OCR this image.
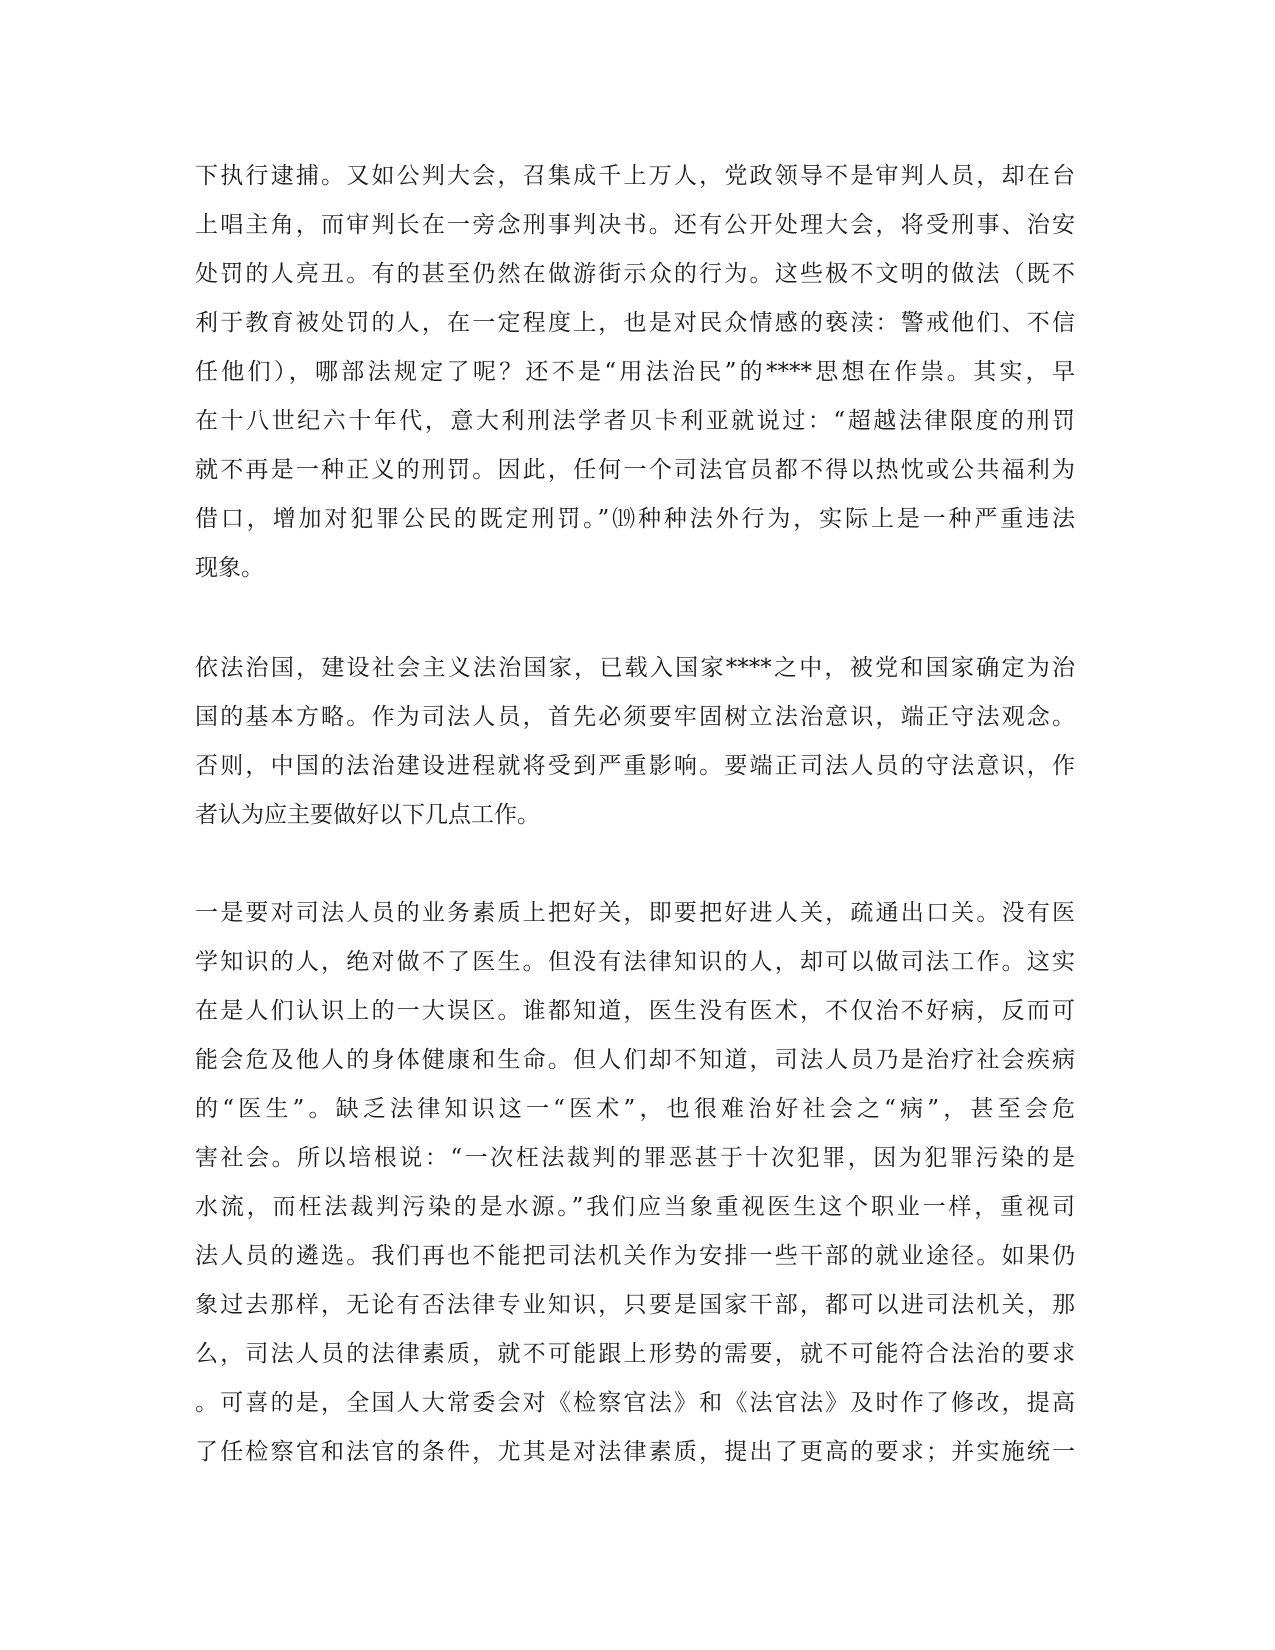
下执行逮捕。又如公判大会，召集成千上万人，党政领导不是审判人员，却在台
上唱主角，而审判长在一旁念刑事判决书。还有公开处理大会，将受刑事、治安
处罚的人亮丑。有的甚至仍然在做游街示众的行为。这些极不文明的做法（既不
利于教育被处罚的人，在一定程度上，也是对民众情感的亵渎：警戒他们、不信
任他们），哪部法规定了呢？还不是“用法治民”的****思想在作祟。其实，早
在十八世纪六十年代，意大利刑法学者贝卡利亚就说过：“超越法律限度的刑罚
就不再是一种正义的刑罚。因此，任何一个司法官员都不得以热忱或公共福利为
借口，增加对犯罪公民的既定刑罚。”⒆种种法外行为，实际上是一种严重违法
现象。
依法治国，建设社会主义法治国家，已载入国家****之中，被党和国家确定为治
国的基本方略。作为司法人员，首先必须要牢固树立法治意识，端正守法观念。
否则，中国的法治建设进程就将受到严重影响。要端正司法人员的守法意识，作
者认为应主要做好以下几点工作。
一是要对司法人员的业务素质上把好关，即要把好进人关，疏通出口关。没有医
学知识的人，绝对做不了医生。但没有法律知识的人，却可以做司法工作。这实
在是人们认识上的一大误区。谁都知道，医生没有医术，不仅治不好病，反而可
能会危及他人的身体健康和生命。但人们却不知道，司法人员乃是治疗社会疾病
的“医生”。缺乏法律知识这一“医术”，也很难治好社会之“病”，甚至会危
害社会。所以培根说：“一次枉法裁判的罪恶甚于十次犯罪，因为犯罪污染的是
水流，而枉法裁判污染的是水源。”我们应当象重视医生这个职业一样，重视司
法人员的遴选。我们再也不能把司法机关作为安排一些干部的就业途径。如果仍
象过去那样，无论有否法律专业知识，只要是国家干部，都可以进司法机关，那
么，司法人员的法律素质，就不可能跟上形势的需要，就不可能符合法治的要求
。可喜的是，全国人大常委会对《检察官法》和《法官法》及时作了修改，提高
了任检察官和法官的条件，尤其是对法律素质，提出了更高的要求；并实施统一
